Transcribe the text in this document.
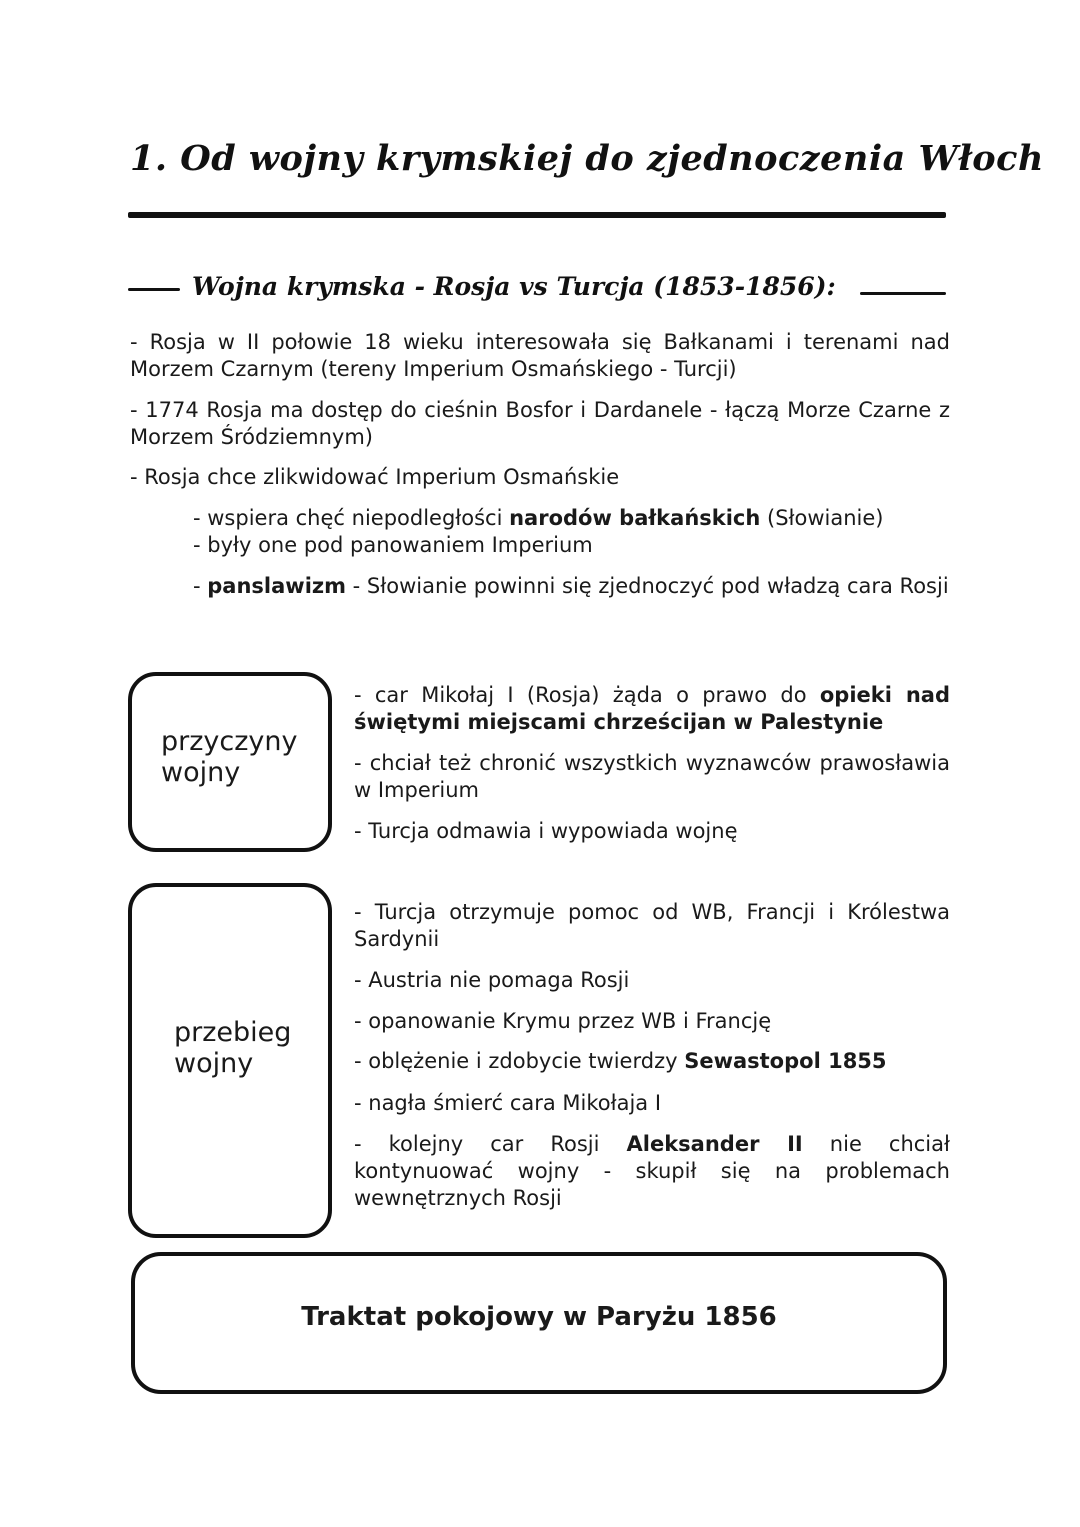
1. Od wojny krymskiej do zjednoczenia Włoch
Wojna krymska - Rosja vs Turcja (1853-1856):
- Rosja w II połowie 18 wieku interesowała się Bałkanami i terenami nad Morzem Czarnym (tereny Imperium Osmańskiego - Turcji)
- 1774 Rosja ma dostęp do cieśnin Bosfor i Dardanele - łączą Morze Czarne z Morzem Śródziemnym)
- Rosja chce zlikwidować Imperium Osmańskie
- wspiera chęć niepodległości narodów bałkańskich (Słowianie)
- były one pod panowaniem Imperium
- panslawizm - Słowianie powinni się zjednoczyć pod władzą cara Rosji
przyczyny wojny
- car Mikołaj I (Rosja) żąda o prawo do opieki nad świętymi miejscami chrześcijan w Palestynie
- chciał też chronić wszystkich wyznawców prawosławia w Imperium
- Turcja odmawia i wypowiada wojnę
przebieg wojny
- Turcja otrzymuje pomoc od WB, Francji i Królestwa Sardynii
- Austria nie pomaga Rosji
- opanowanie Krymu przez WB i Francję
- oblężenie i zdobycie twierdzy Sewastopol 1855
- nagła śmierć cara Mikołaja I
- kolejny car Rosji Aleksander II nie chciał kontynuować wojny - skupił się na problemach wewnętrznych Rosji
Traktat pokojowy w Paryżu 1856
